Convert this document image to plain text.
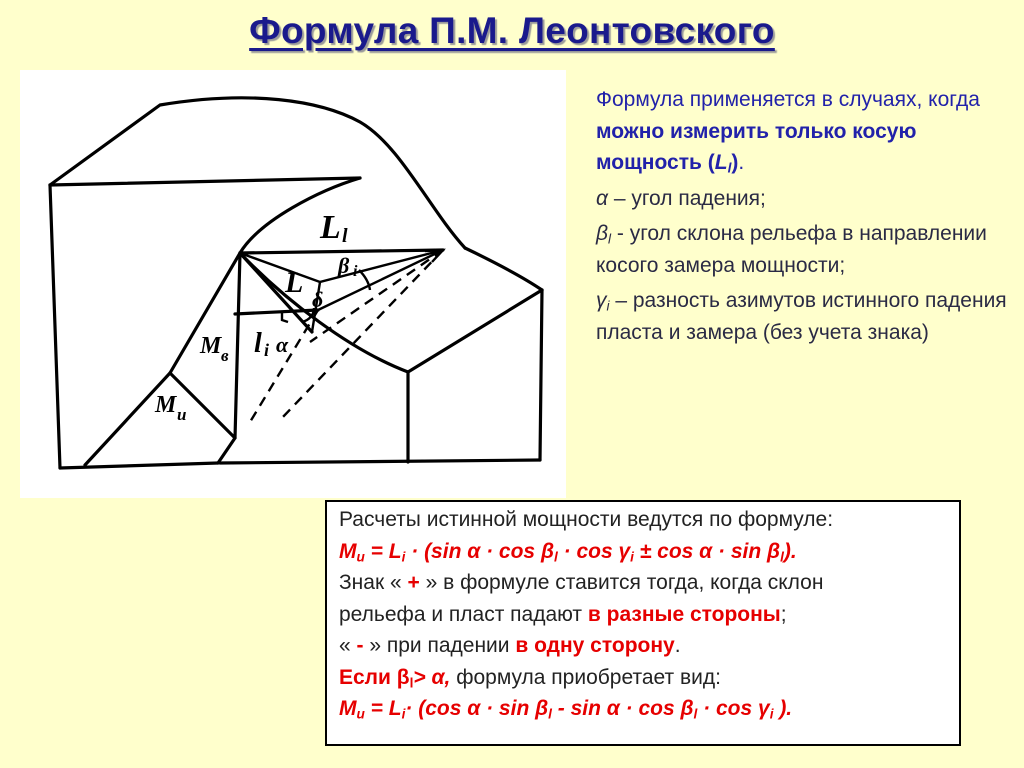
Формула П.М. Леонтовского
L l
L
β i
δ
l i α
M в
M и

Формула применяется в случаях, когда можно измерить только косую мощность $(L_l)$.

α – угол падения;

$\beta_l$ - угол склона рельефа в направлении косого замера мощности;

$\gamma_i$ – разность азимутов истинного падения пласта и замера (без учета знака)

Расчеты истинной мощности ведутся по формуле:

$M_u = L_i \cdot (\sin$ $\alpha \cdot \cos \beta_l \cdot \cos \gamma_i \pm \cos \alpha \cdot \sin \beta_l$).

Знак « + » в формуле ставится тогда, когда склон

рельефа и пласт падают в разные стороны;

« - » при падении в одну сторону.

Если $\beta_l> \alpha$, формула приобретает вид:

$M_u = L_i\cdot (\cos$ $\alpha \cdot \sin \beta_l - \sin \alpha \cdot \cos \beta_l \cdot \cos \gamma_i$ ).
